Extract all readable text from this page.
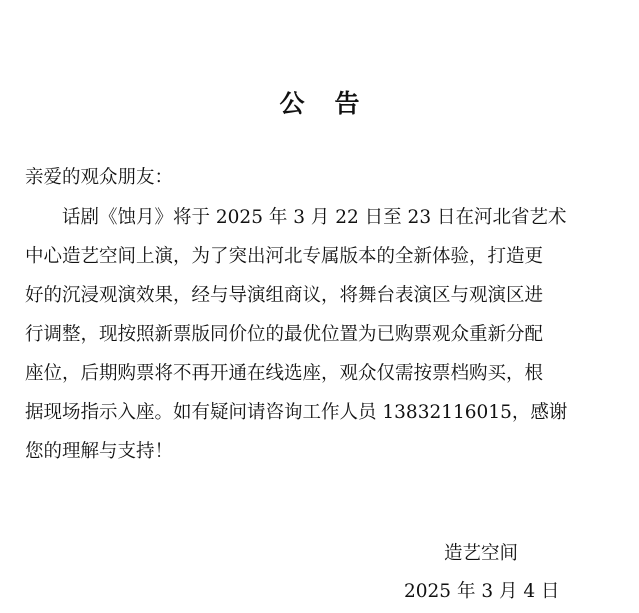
公告
亲爱的观众朋友：
话剧《蚀月》将于 2025 年 3 月 22 日至 23 日在河北省艺术
中心造艺空间上演，为了突出河北专属版本的全新体验，打造更
好的沉浸观演效果，经与导演组商议，将舞台表演区与观演区进
行调整，现按照新票版同价位的最优位置为已购票观众重新分配
座位，后期购票将不再开通在线选座，观众仅需按票档购买，根
据现场指示入座。如有疑问请咨询工作人员 13832116015，感谢
您的理解与支持！
造艺空间
2025 年 3 月 4 日
